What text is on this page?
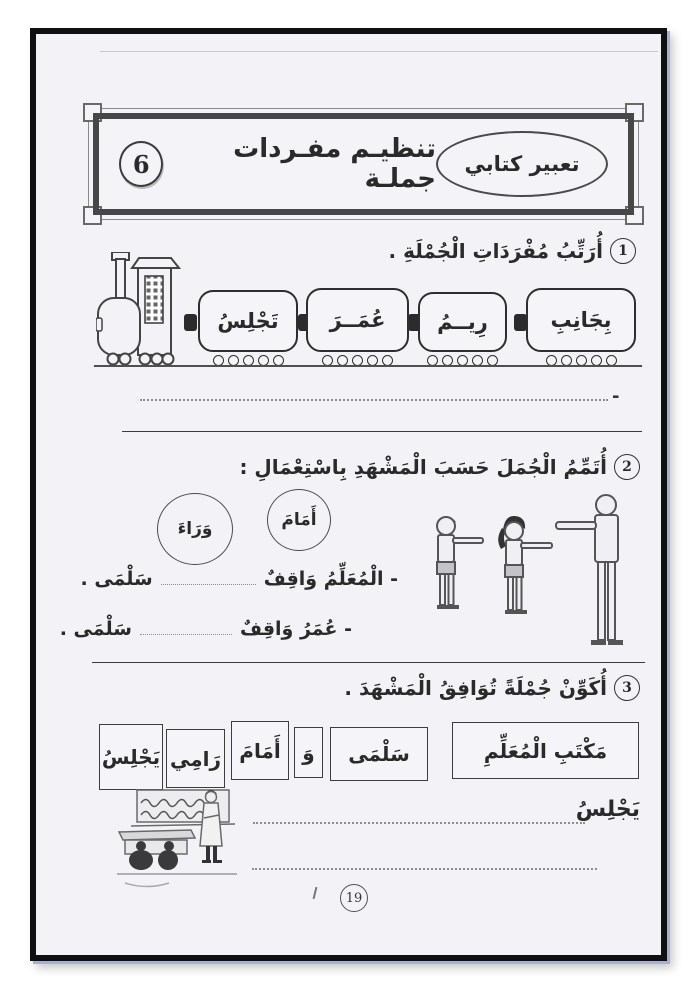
6	تنظيـم مفـردات جملـة	تعبير كتابي
1
أُرَتِّبُ مُفْرَدَاتِ الْجُمْلَةِ .
تَجْلِسُ	عُمَــرَ	رِيــمُ	بِجَانِبِ
-
2
أُتَمِّمُ الْجُمَلَ حَسَبَ الْمَشْهَدِ بِاسْتِعْمَالِ :
أَمَامَ
وَرَاءَ
- الْمُعَلِّمُ وَاقِفٌ
سَلْمَى .
- عُمَرُ وَاقِفٌ
سَلْمَى .
3
أُكَوِّنْ جُمْلَةً تُوَافِقُ الْمَشْهَدَ .
مَكْتَبِ الْمُعَلِّمِ
سَلْمَى
وَ
أَمَامَ
رَامِي
يَجْلِسُ
يَجْلِسُ
19
